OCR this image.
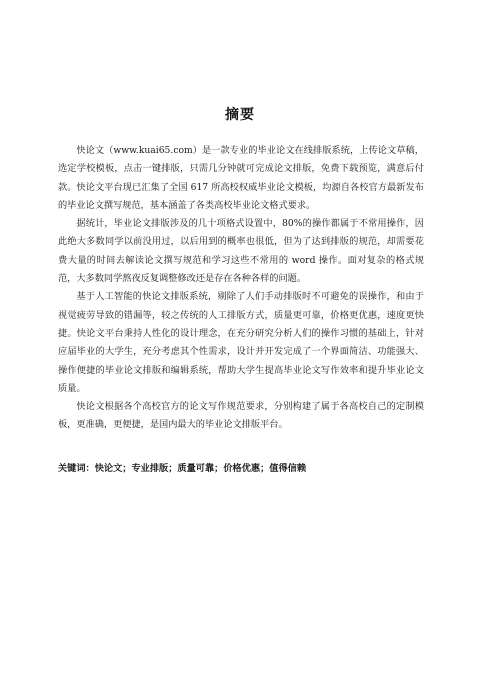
摘要

快论文（www.kuai65.com）是一款专业的毕业论文在线排版系统，上传论文草稿，选定学校模板，点击一键排版，只需几分钟就可完成论文排版，免费下载预览，满意后付款。快论文平台现已汇集了全国 617 所高校权威毕业论文模板，均源自各校官方最新发布的毕业论文撰写规范，基本涵盖了各类高校毕业论文格式要求。

据统计，毕业论文排版涉及的几十项格式设置中，80%的操作都属于不常用操作，因此绝大多数同学以前没用过，以后用到的概率也很低，但为了达到排版的规范，却需要花费大量的时间去解读论文撰写规范和学习这些不常用的 word 操作。面对复杂的格式规范，大多数同学熬夜反复调整修改还是存在各种各样的问题。

基于人工智能的快论文排版系统，剔除了人们手动排版时不可避免的误操作，和由于视觉疲劳导致的错漏等，较之传统的人工排版方式，质量更可靠，价格更优惠，速度更快捷。快论文平台秉持人性化的设计理念，在充分研究分析人们的操作习惯的基础上，针对应届毕业的大学生，充分考虑其个性需求，设计并开发完成了一个界面简洁、功能强大、操作便捷的毕业论文排版和编辑系统，帮助大学生提高毕业论文写作效率和提升毕业论文质量。

快论文根据各个高校官方的论文写作规范要求，分别构建了属于各高校自己的定制模板，更准确，更便捷，是国内最大的毕业论文排版平台。

关键词：快论文；专业排版；质量可靠；价格优惠；值得信赖
